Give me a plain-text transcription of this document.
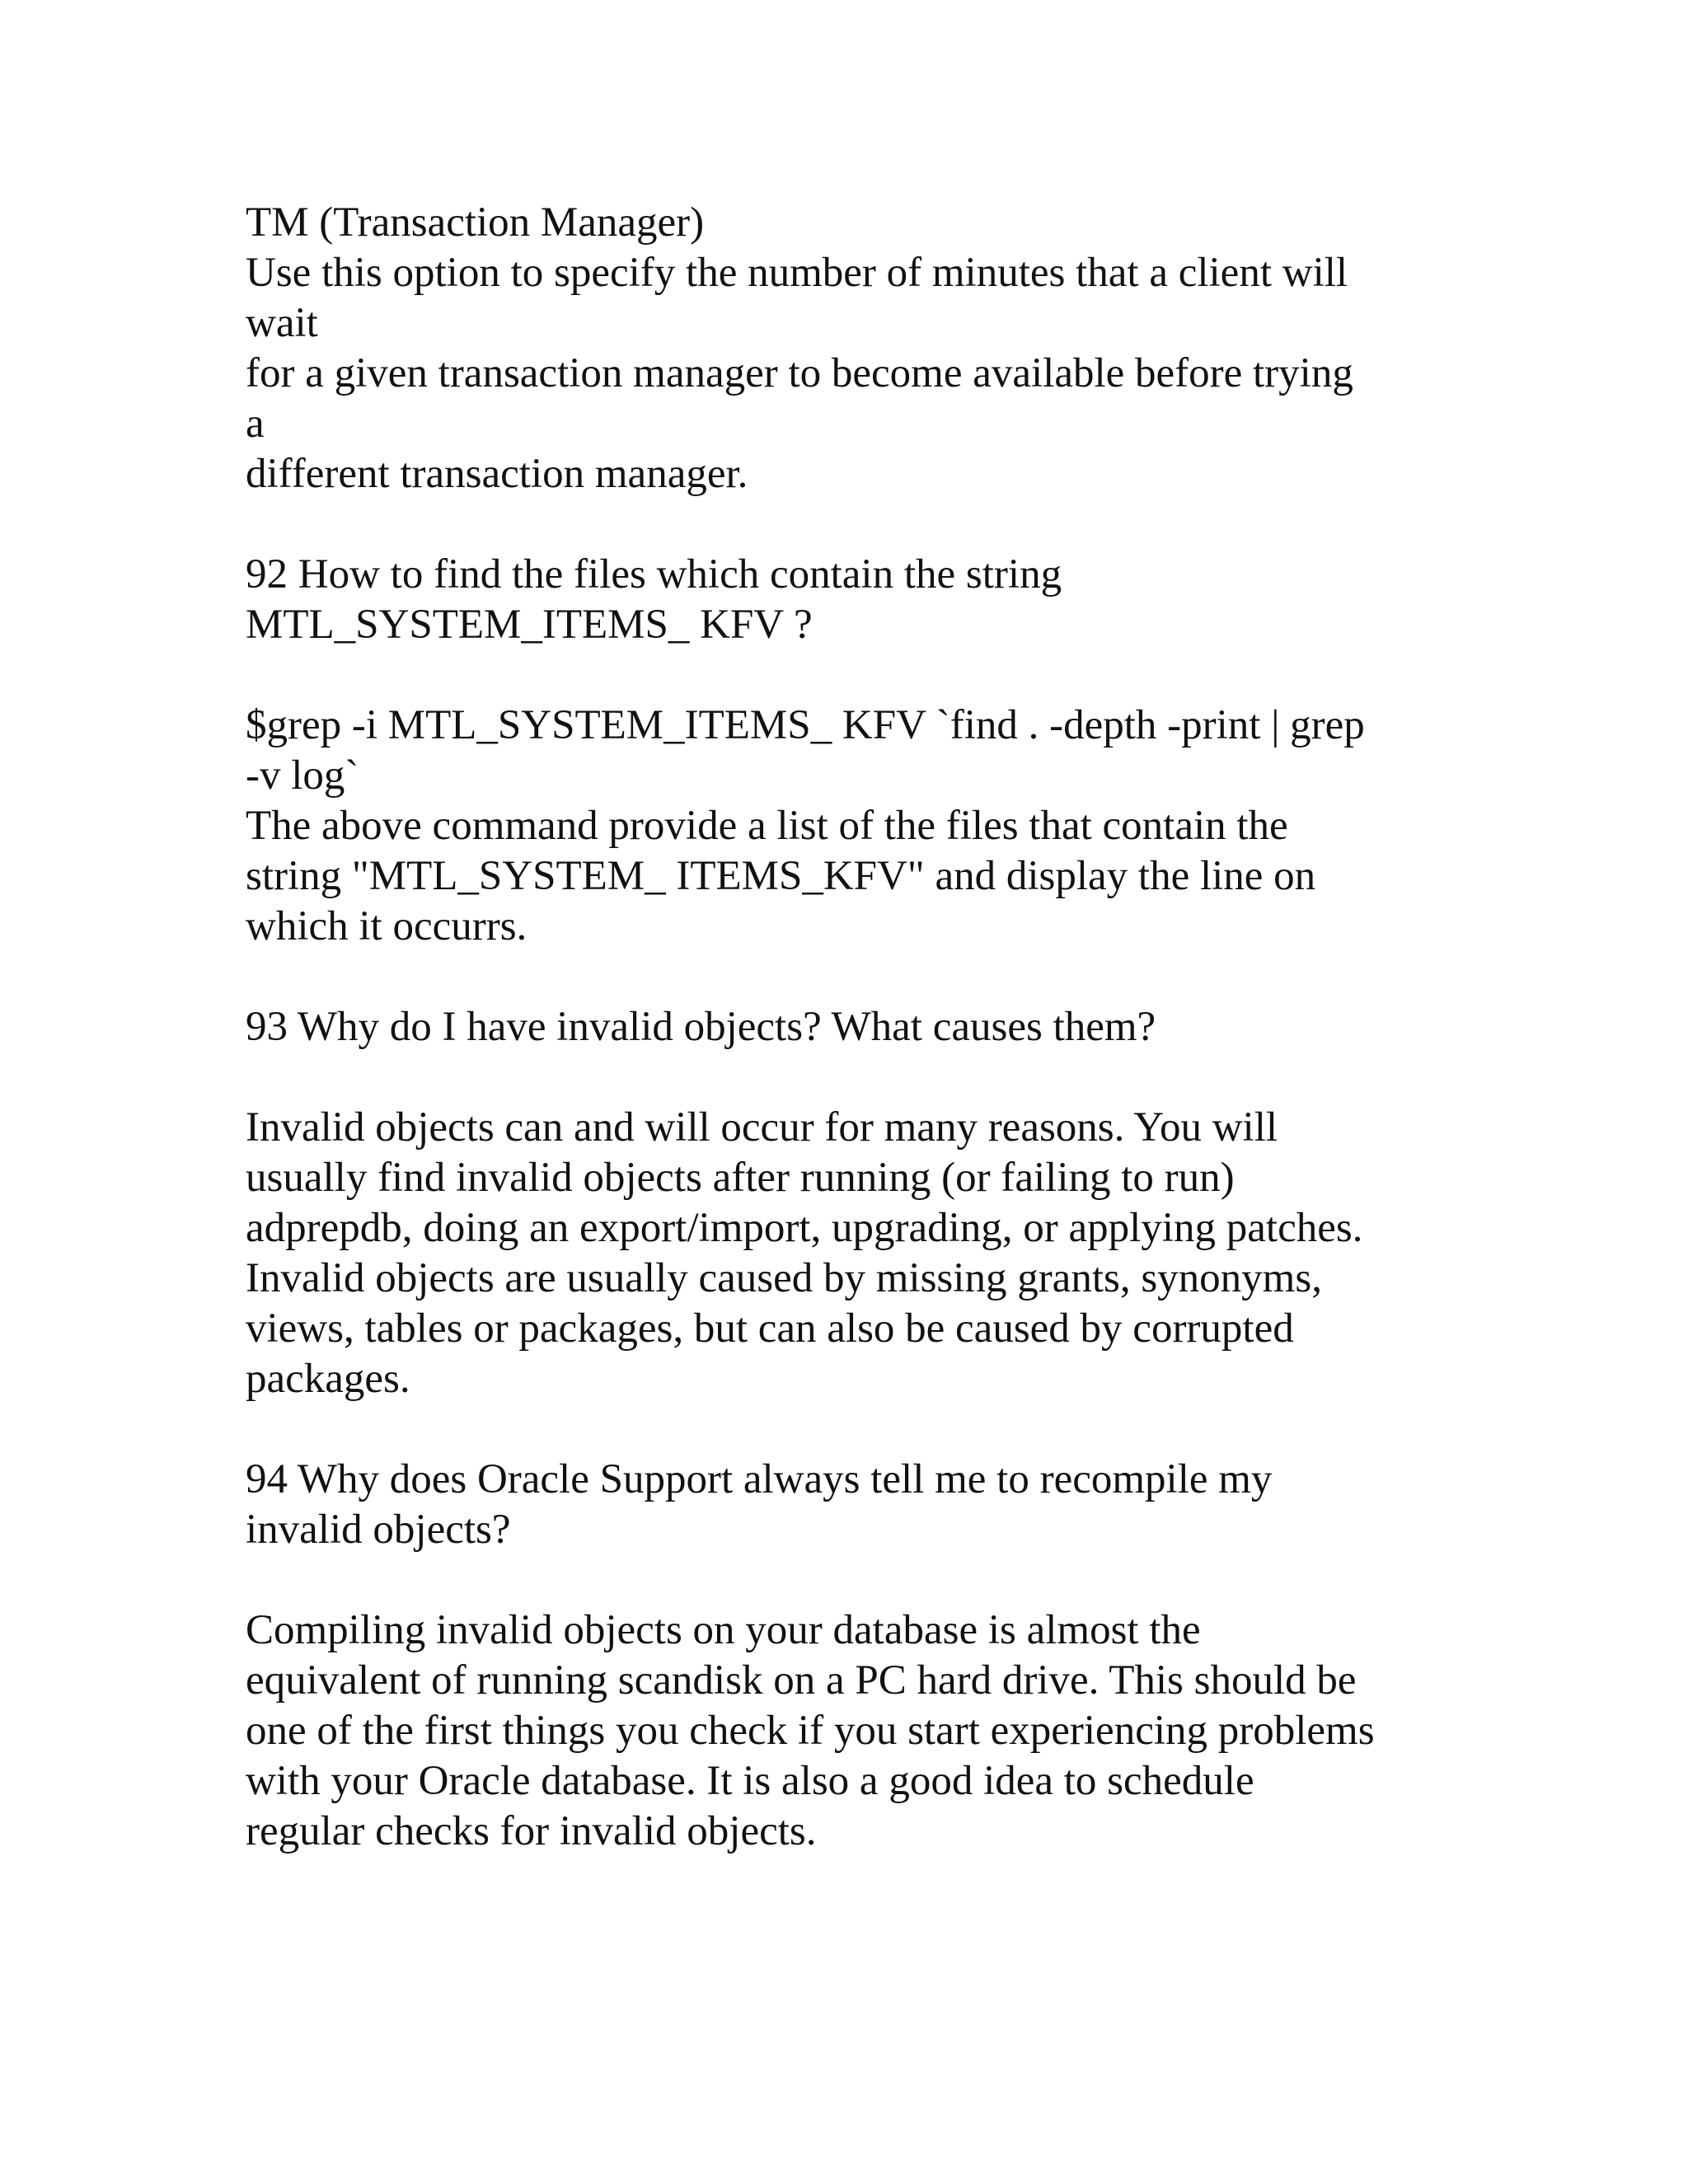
TM (Transaction Manager)
Use this option to specify the number of minutes that a client will
wait
for a given transaction manager to become available before trying
a
different transaction manager.
92 How to find the files which contain the string
MTL_SYSTEM_ITEMS_ KFV ?
$grep -i MTL_SYSTEM_ITEMS_ KFV `find . -depth -print | grep
-v log`
The above command provide a list of the files that contain the
string "MTL_SYSTEM_ ITEMS_KFV" and display the line on
which it occurrs.
93 Why do I have invalid objects? What causes them?
Invalid objects can and will occur for many reasons. You will
usually find invalid objects after running (or failing to run)
adprepdb, doing an export/import, upgrading, or applying patches.
Invalid objects are usually caused by missing grants, synonyms,
views, tables or packages, but can also be caused by corrupted
packages.
94 Why does Oracle Support always tell me to recompile my
invalid objects?
Compiling invalid objects on your database is almost the
equivalent of running scandisk on a PC hard drive. This should be
one of the first things you check if you start experiencing problems
with your Oracle database. It is also a good idea to schedule
regular checks for invalid objects.
